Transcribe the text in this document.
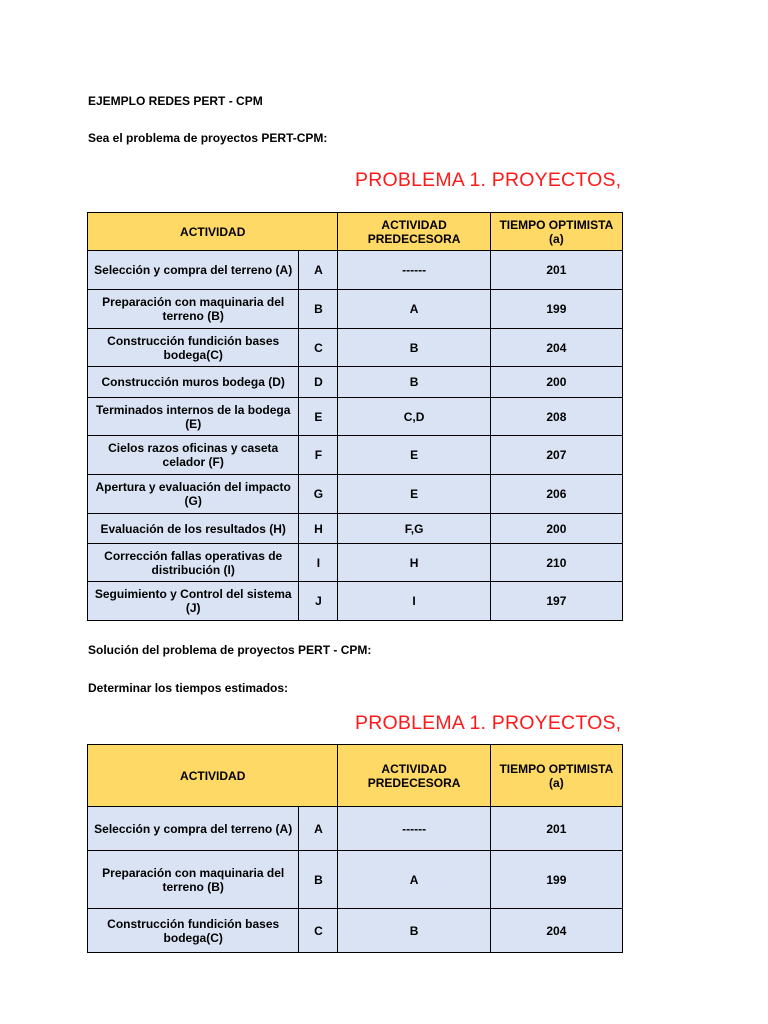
EJEMPLO REDES PERT - CPM
Sea el problema de proyectos PERT-CPM:
PROBLEMA 1. PROYECTOS,
ACTIVIDAD		ACTIVIDAD PREDECESORA	TIEMPO OPTIMISTA (a)
Selección y compra del terreno (A)	A	------	201
Preparación con maquinaria del terreno (B)	B	A	199
Construcción fundición bases bodega(C)	C	B	204
Construcción muros bodega (D)	D	B	200
Terminados internos de la bodega (E)	E	C,D	208
Cielos razos oficinas y caseta celador (F)	F	E	207
Apertura y evaluación del impacto (G)	G	E	206
Evaluación de los resultados (H)	H	F,G	200
Corrección fallas operativas de distribución (I)	I	H	210
Seguimiento y Control del sistema (J)	J	I	197
Solución del problema de proyectos PERT - CPM:
Determinar los tiempos estimados:
PROBLEMA 1. PROYECTOS,
ACTIVIDAD		ACTIVIDAD PREDECESORA	TIEMPO OPTIMISTA (a)
Selección y compra del terreno (A)	A	------	201
Preparación con maquinaria del terreno (B)	B	A	199
Construcción fundición bases bodega(C)	C	B	204
